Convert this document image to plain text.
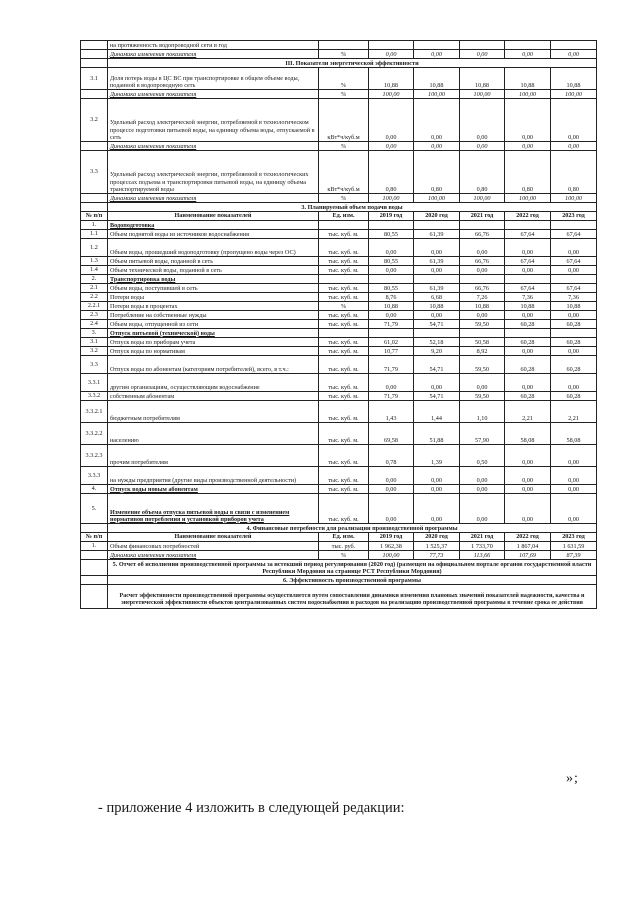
	на протяженность водопроводной сети в год						
	Динамика изменения показателя	%	0,00	0,00	0,00	0,00	0,00
	III. Показатели энергетической эффективности						
3.1	Доля потерь воды в ЦС ВС при транспортировке в общем объеме воды, поданной в водопроводную сеть	%	10,88	10,88	10,88	10,88	10,88
	Динамика изменения показателя	%	100,00	100,00	100,00	100,00	100,00
3.2	Удельный расход электрической энергии, потребляемой в технологическом процессе подготовки питьевой воды, на единицу объема воды, отпускаемой в сеть	кВт*ч/куб.м	0,00	0,00	0,00	0,00	0,00
	Динамика изменения показателя	%	0,00	0,00	0,00	0,00	0,00
3.3	Удельный расход электрической энергии, потребляемой в технологических процессах подъема и транспортировки питьевой воды, на единицу объема транспортируемой воды	кВт*ч/куб.м	0,80	0,80	0,80	0,80	0,80
	Динамика изменения показателя	%	100,00	100,00	100,00	100,00	100,00
	3. Планируемый объем подачи воды						
№ п/п	Наименование показателей	Ед. изм.	2019 год	2020 год	2021 год	2022 год	2023 год
1.	Водоподготовка						
1.1	Объем поднятой воды из источников водоснабжения	тыс. куб. м.	80,55	61,39	66,76	67,64	67,64
1.2	Объем воды, прошедший водоподготовку (пропущено воды через ОС)	тыс. куб. м.	0,00	0,00	0,00	0,00	0,00
1.3	Объем питьевой воды, поданной в сеть	тыс. куб. м.	80,55	61,39	66,76	67,64	67,64
1.4	Объем технической воды, поданной в сеть	тыс. куб. м.	0,00	0,00	0,00	0,00	0,00
2.	Транспортировка воды						
2.1	Объем воды, поступившей в сеть	тыс. куб. м.	80,55	61,39	66,76	67,64	67,64
2.2	Потери воды	тыс. куб. м.	8,76	6,68	7,26	7,36	7,36
2.2.1	Потери воды в процентах	%	10,88	10,88	10,88	10,88	10,88
2.3	Потребление на собственные нужды	тыс. куб. м.	0,00	0,00	0,00	0,00	0,00
2.4	Объем воды, отпущенной из сети	тыс. куб. м.	71,79	54,71	59,50	60,28	60,28
3.	Отпуск питьевой (технической) воды						
3.1	Отпуск воды по приборам учета	тыс. куб. м.	61,02	52,18	50,58	60,28	60,28
3.2	Отпуск воды по нормативам	тыс. куб. м.	10,77	9,20	8,92	0,00	0,00
3.3	Отпуск воды по абонентам (категориям потребителей), всего, в т.ч.:	тыс. куб. м.	71,79	54,71	59,50	60,28	60,28
3.3.1	другим организациям, осуществляющим водоснабжение	тыс. куб. м.	0,00	0,00	0,00	0,00	0,00
3.3.2	собственным абонентам	тыс. куб. м.	71,79	54,71	59,50	60,28	60,28
3.3.2.1	бюджетным потребителям	тыс. куб. м.	1,43	1,44	1,10	2,21	2,21
3.3.2.2	населению	тыс. куб. м.	69,58	51,88	57,90	58,08	58,08
3.3.2.3	прочим потребителям	тыс. куб. м.	0,78	1,39	0,50	0,00	0,00
3.3.3	на нужды предприятия (другие виды производственной деятельности)	тыс. куб. м.	0,00	0,00	0,00	0,00	0,00
4.	Отпуск воды новым абонентам	тыс. куб. м.	0,00	0,00	0,00	0,00	0,00
5.	Изменение объема отпуска питьевой воды в связи с изменением нормативов потребления и установкой приборов учета	тыс. куб. м.	0,00	0,00	0,00	0,00	0,00
	4. Финансовые потребности для реализации производственной программы						
№ п/п	Наименование показателей	Ед. изм.	2019 год	2020 год	2021 год	2022 год	2023 год
1.	Объем финансовых потребностей	тыс. руб.	1 962,38	1 525,37	1 733,70	1 867,04	1 631,59
	Динамика изменения показателя	%	100,00	77,73	113,66	107,69	87,39
	5. Отчет об исполнении производственной программы за истекший период регулирования (2020 год) (размещен на официальном портале органов государственной власти Республики Мордовия на странице РСТ Республики Мордовия)						
	6. Эффективность производственной программы						
	Расчет эффективности производственной программы осуществляется путем сопоставления динамики изменения плановых значений показателей надежности, качества и энергетической эффективности объектов централизованных систем водоснабжения и расходов на реализацию производственной программы в течение срока ее действия						
»;
- приложение 4 изложить в следующей редакции:
